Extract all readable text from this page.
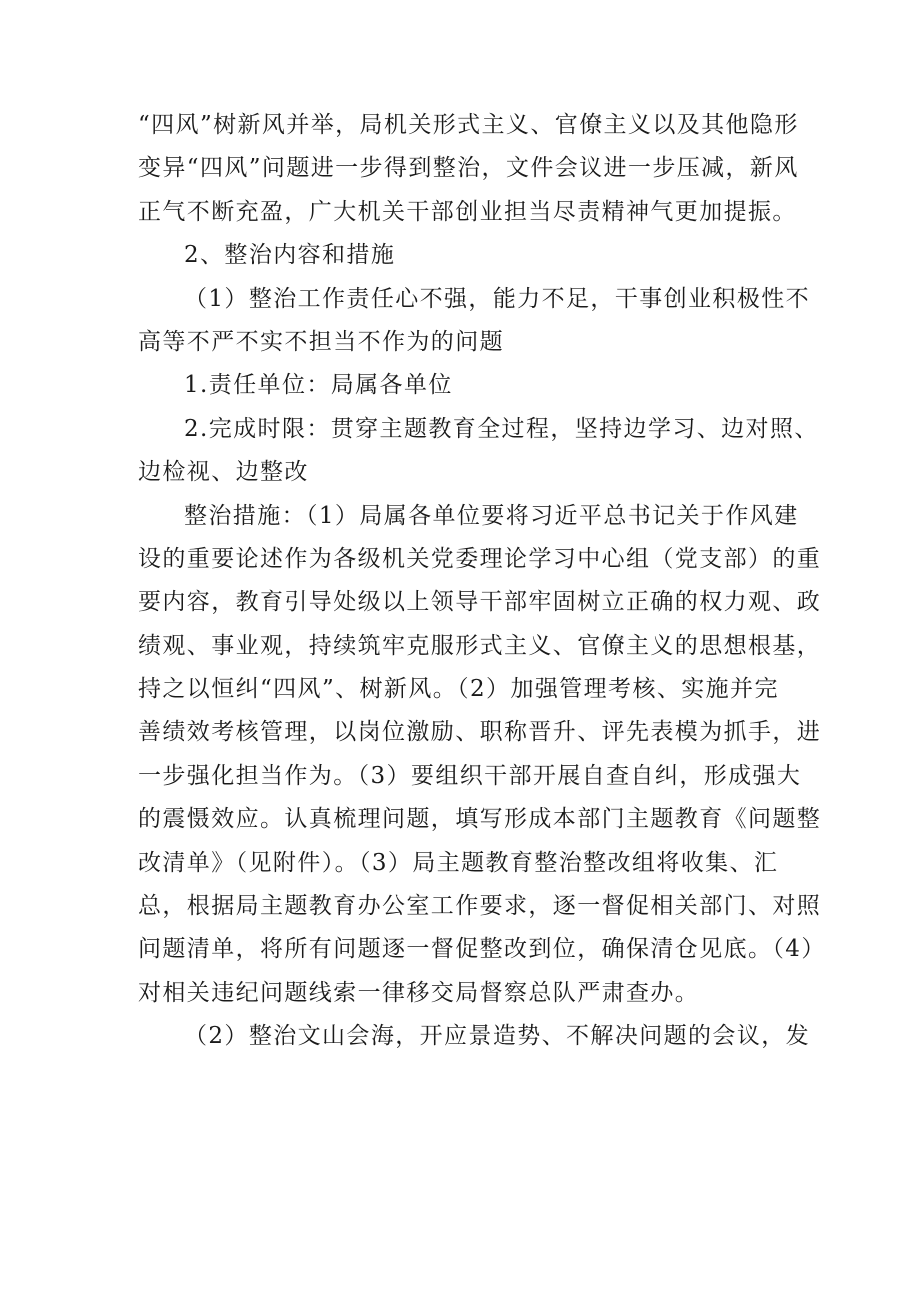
“四风”树新风并举，局机关形式主义、官僚主义以及其他隐形
变异“四风”问题进一步得到整治，文件会议进一步压减，新风
正气不断充盈，广大机关干部创业担当尽责精神气更加提振。
2、整治内容和措施
（1）整治工作责任心不强，能力不足，干事创业积极性不
高等不严不实不担当不作为的问题
1.责任单位：局属各单位
2.完成时限：贯穿主题教育全过程，坚持边学习、边对照、
边检视、边整改
整治措施：（1）局属各单位要将习近平总书记关于作风建
设的重要论述作为各级机关党委理论学习中心组（党支部）的重
要内容，教育引导处级以上领导干部牢固树立正确的权力观、政
绩观、事业观，持续筑牢克服形式主义、官僚主义的思想根基，
持之以恒纠“四风”、树新风。（2）加强管理考核、实施并完
善绩效考核管理，以岗位激励、职称晋升、评先表模为抓手，进
一步强化担当作为。（3）要组织干部开展自查自纠，形成强大
的震慑效应。认真梳理问题，填写形成本部门主题教育《问题整
改清单》（见附件）。（3）局主题教育整治整改组将收集、汇
总，根据局主题教育办公室工作要求，逐一督促相关部门、对照
问题清单，将所有问题逐一督促整改到位，确保清仓见底。（4）
对相关违纪问题线索一律移交局督察总队严肃查办。
（2）整治文山会海，开应景造势、不解决问题的会议，发
